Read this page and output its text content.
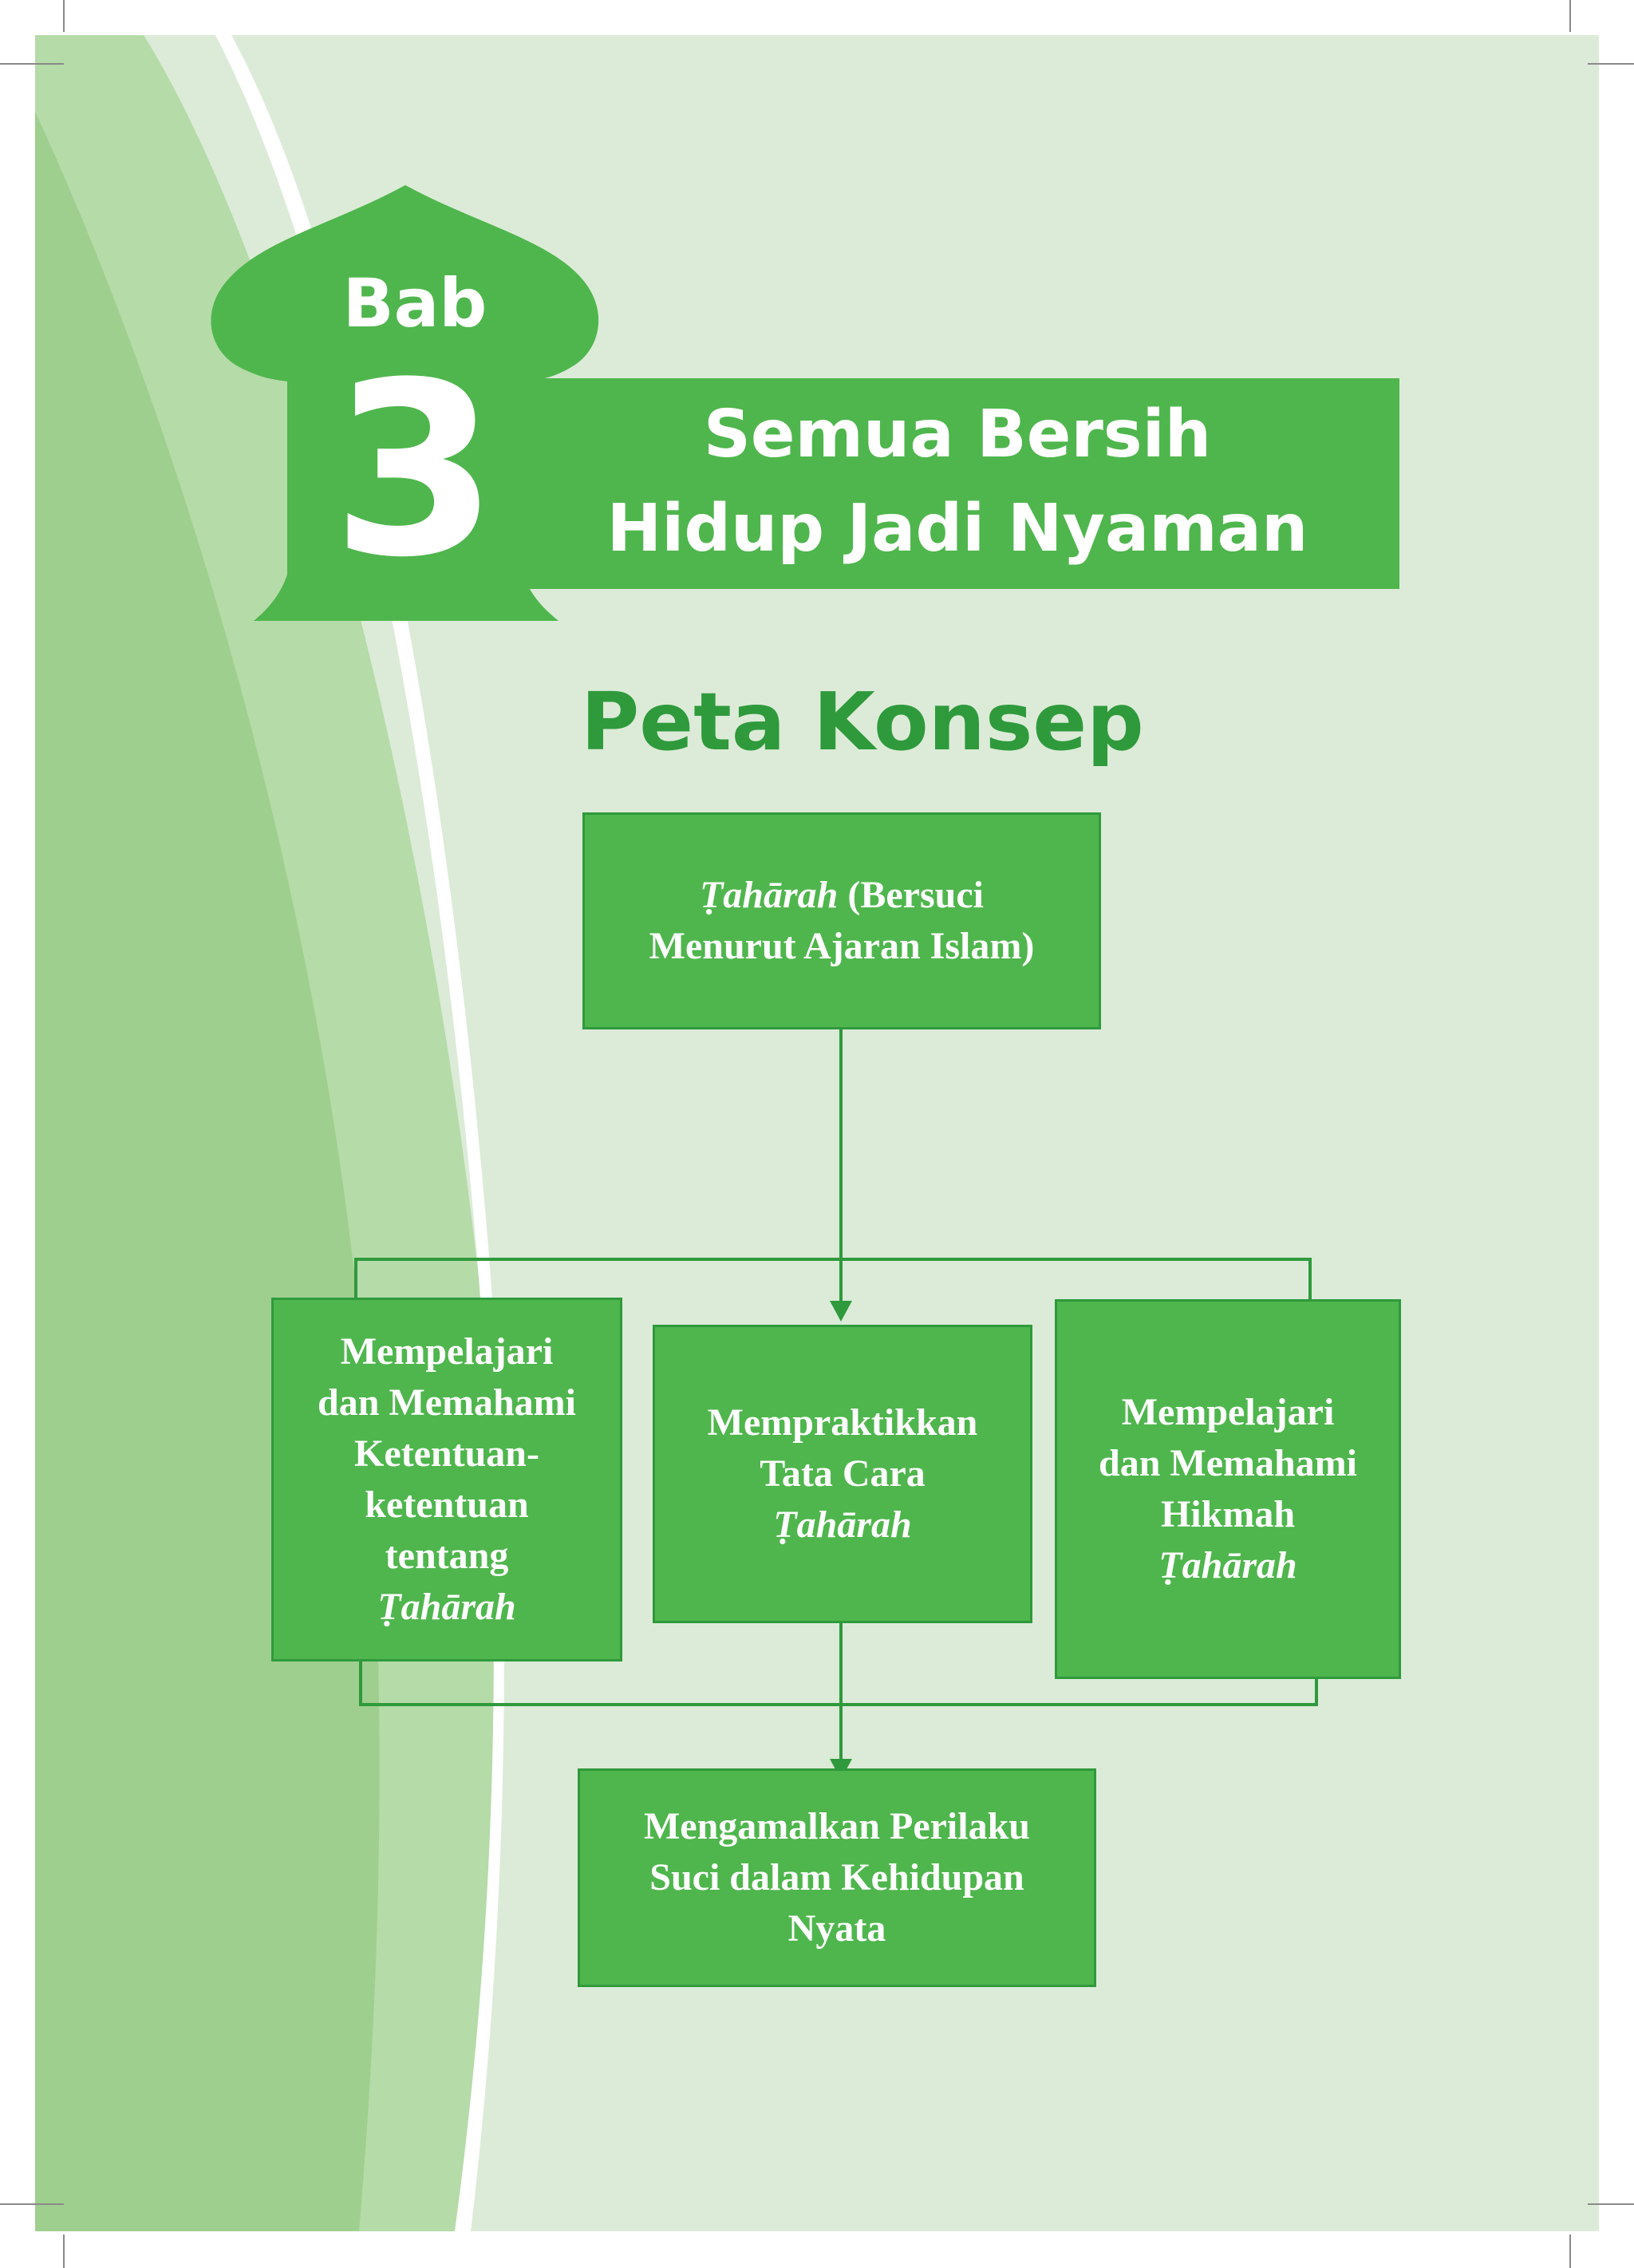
Semua Bersih
Hidup Jadi Nyaman
Bab
3
Peta Konsep
Ṭahārah (Bersuci
Menurut Ajaran Islam)
Mempelajari
dan Memahami
Ketentuan-
ketentuan
tentang
Ṭahārah
Mempraktikkan
Tata Cara
Ṭahārah
Mempelajari
dan Memahami
Hikmah
Ṭahārah
Mengamalkan Perilaku
Suci dalam Kehidupan
Nyata
